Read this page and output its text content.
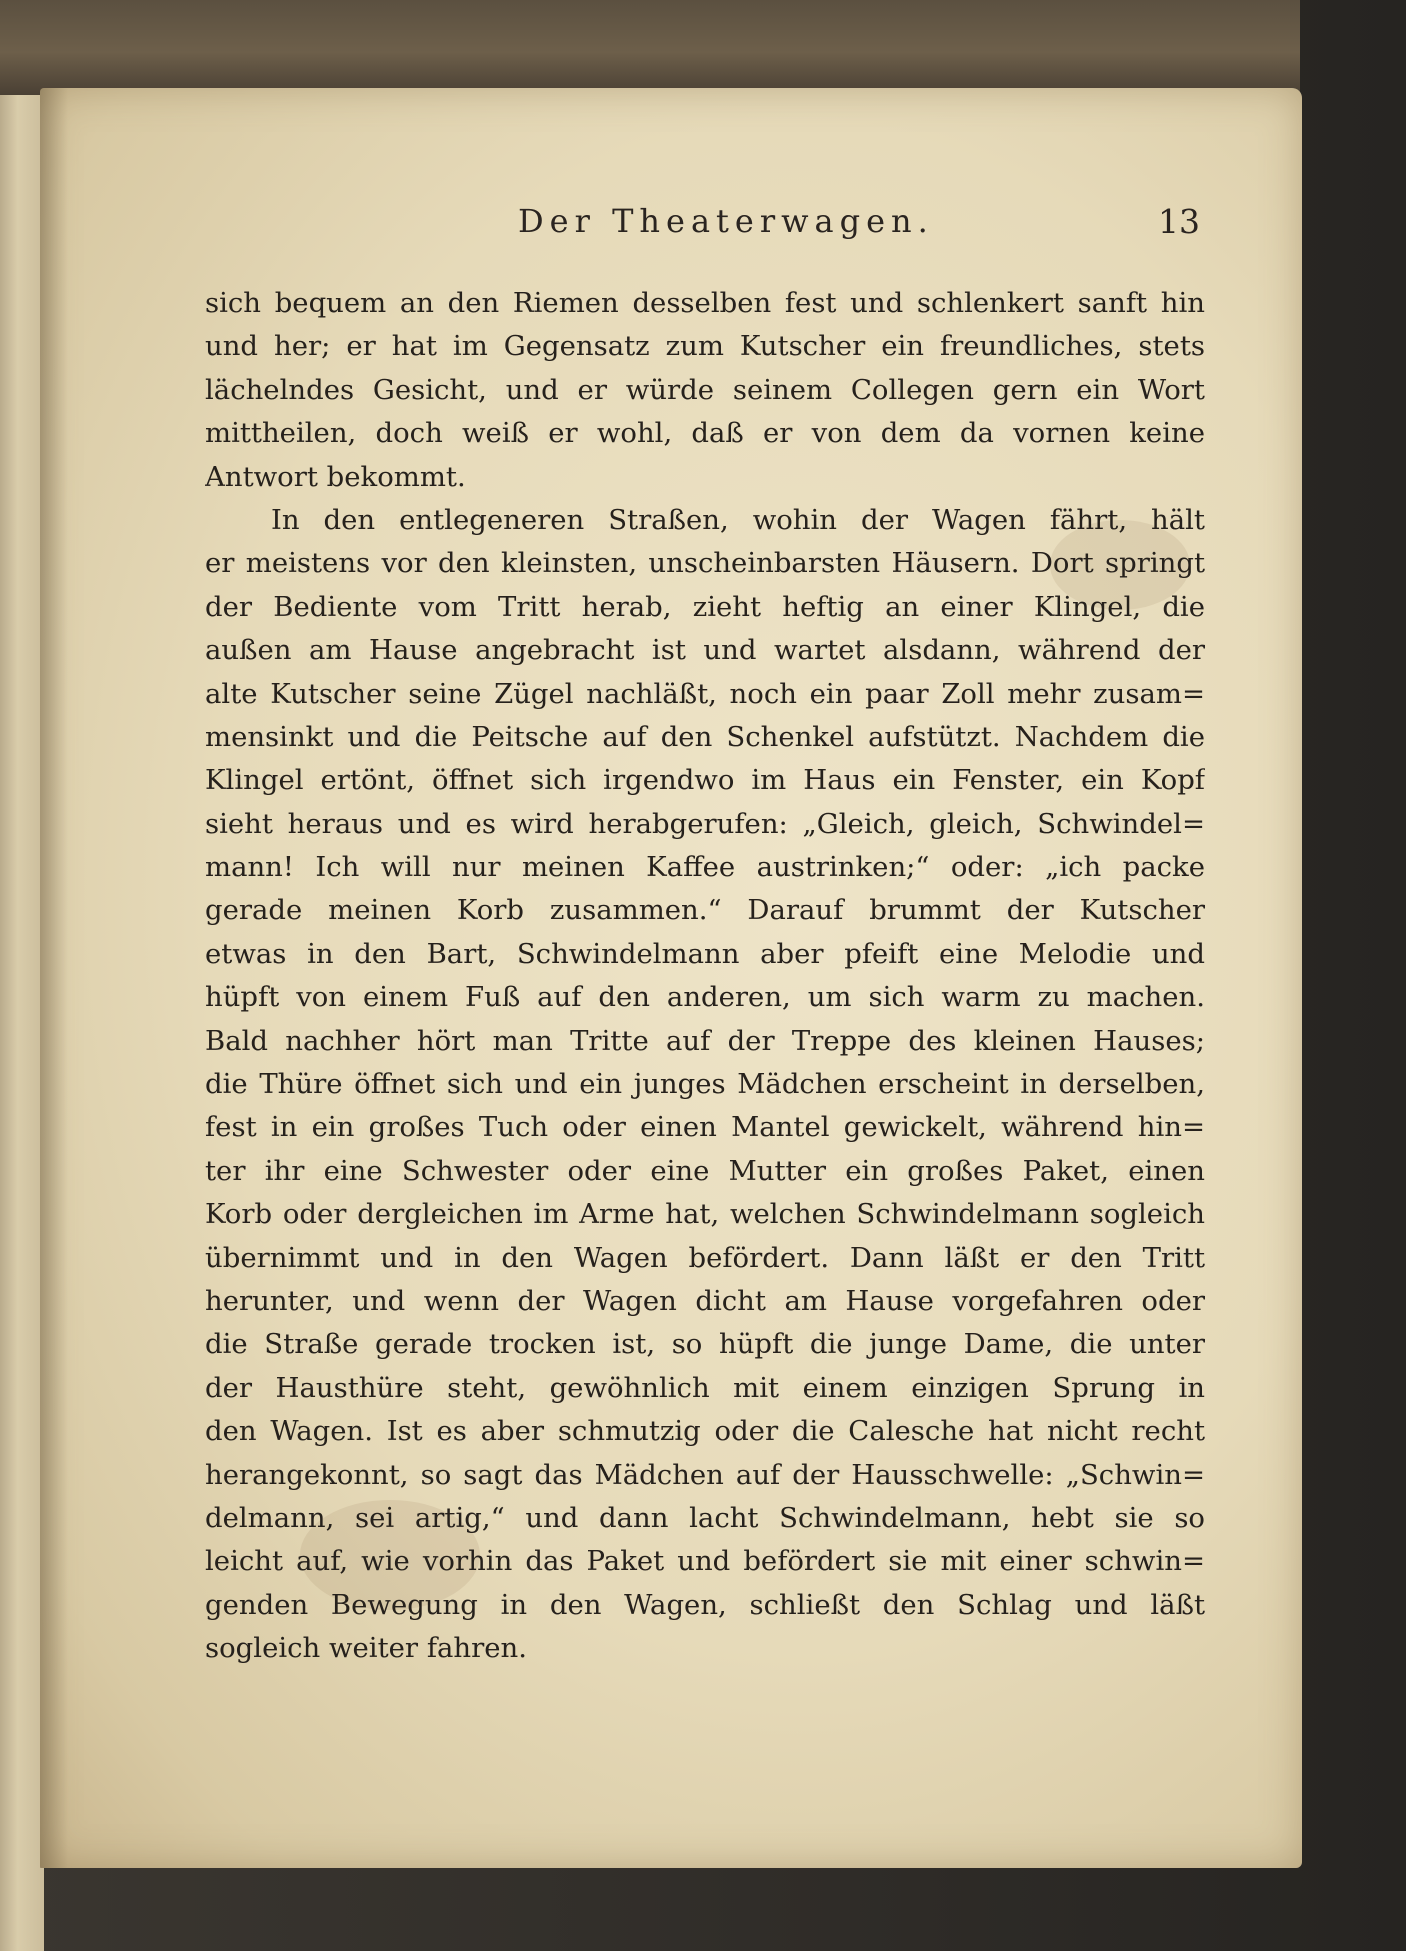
Der Theaterwagen.	13
sich bequem an den Riemen desselben fest und schlenkert sanft hin
und her; er hat im Gegensatz zum Kutscher ein freundliches, stets
lächelndes Gesicht, und er würde seinem Collegen gern ein Wort
mittheilen, doch weiß er wohl, daß er von dem da vornen keine
Antwort bekommt.
In den entlegeneren Straßen, wohin der Wagen fährt, hält
er meistens vor den kleinsten, unscheinbarsten Häusern. Dort springt
der Bediente vom Tritt herab, zieht heftig an einer Klingel, die
außen am Hause angebracht ist und wartet alsdann, während der
alte Kutscher seine Zügel nachläßt, noch ein paar Zoll mehr zusam=
mensinkt und die Peitsche auf den Schenkel aufstützt. Nachdem die
Klingel ertönt, öffnet sich irgendwo im Haus ein Fenster, ein Kopf
sieht heraus und es wird herabgerufen: „Gleich, gleich, Schwindel=
mann! Ich will nur meinen Kaffee austrinken;“ oder: „ich packe
gerade meinen Korb zusammen.“ Darauf brummt der Kutscher
etwas in den Bart, Schwindelmann aber pfeift eine Melodie und
hüpft von einem Fuß auf den anderen, um sich warm zu machen.
Bald nachher hört man Tritte auf der Treppe des kleinen Hauses;
die Thüre öffnet sich und ein junges Mädchen erscheint in derselben,
fest in ein großes Tuch oder einen Mantel gewickelt, während hin=
ter ihr eine Schwester oder eine Mutter ein großes Paket, einen
Korb oder dergleichen im Arme hat, welchen Schwindelmann sogleich
übernimmt und in den Wagen befördert. Dann läßt er den Tritt
herunter, und wenn der Wagen dicht am Hause vorgefahren oder
die Straße gerade trocken ist, so hüpft die junge Dame, die unter
der Hausthüre steht, gewöhnlich mit einem einzigen Sprung in
den Wagen. Ist es aber schmutzig oder die Calesche hat nicht recht
herangekonnt, so sagt das Mädchen auf der Hausschwelle: „Schwin=
delmann, sei artig,“ und dann lacht Schwindelmann, hebt sie so
leicht auf, wie vorhin das Paket und befördert sie mit einer schwin=
genden Bewegung in den Wagen, schließt den Schlag und läßt
sogleich weiter fahren.
